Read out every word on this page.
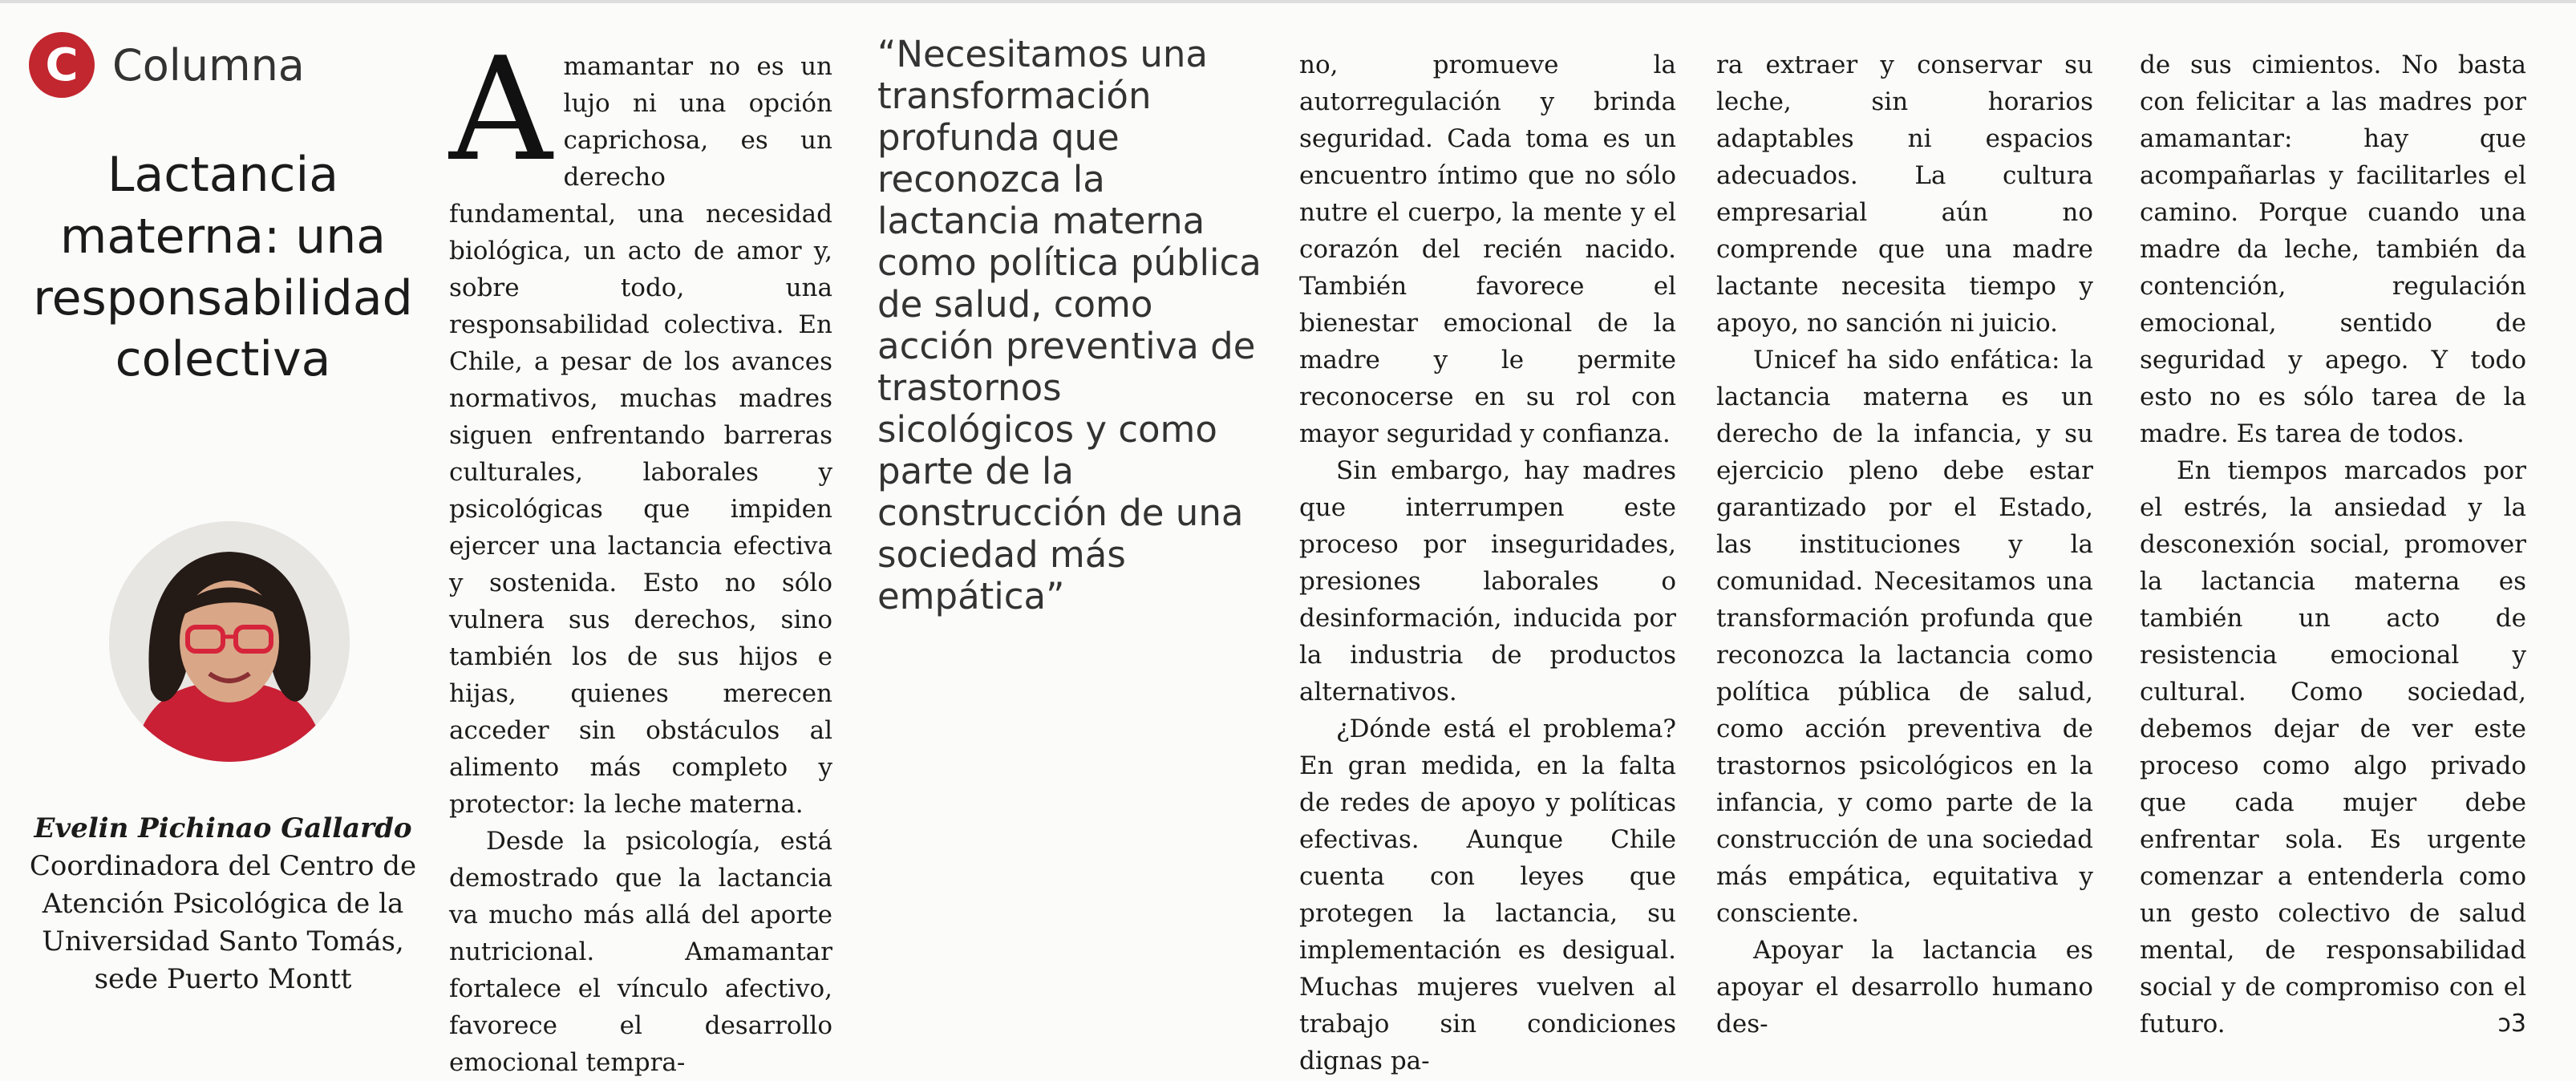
C Columna
Lactancia materna: una responsabilidad colectiva
Evelin Pichinao Gallardo
Coordinadora del Centro de
Atención Psicológica de la
Universidad Santo Tomás,
sede Puerto Montt

Amamantar no es un lujo ni una opción caprichosa, es un derecho fundamental, una necesidad biológica, un acto de amor y, sobre todo, una responsabilidad colectiva. En Chile, a pesar de los avances normativos, muchas madres siguen enfrentando barreras culturales, laborales y psicológicas que impiden ejercer una lactancia efectiva y sostenida. Esto no sólo vulnera sus derechos, sino también los de sus hijos e hijas, quienes merecen acceder sin obstáculos al alimento más completo y protector: la leche materna.

Desde la psicología, está demostrado que la lactancia va mucho más allá del aporte nutricional. Amamantar fortalece el vínculo afectivo, favorece el desarrollo emocional tempra-

“Necesitamos una transformación profunda que reconozca la lactancia materna como política pública de salud, como acción preventiva de trastornos sicológicos y como parte de la construcción de una sociedad más empática”

no, promueve la autorregulación y brinda seguridad. Cada toma es un encuentro íntimo que no sólo nutre el cuerpo, la mente y el corazón del recién nacido. También favorece el bienestar emocional de la madre y le permite reconocerse en su rol con mayor seguridad y confianza.

Sin embargo, hay madres que interrumpen este proceso por inseguridades, presiones laborales o desinformación, inducida por la industria de productos alternativos.

¿Dónde está el problema? En gran medida, en la falta de redes de apoyo y políticas efectivas. Aunque Chile cuenta con leyes que protegen la lactancia, su implementación es desigual. Muchas mujeres vuelven al trabajo sin condiciones dignas pa-

ra extraer y conservar su leche, sin horarios adaptables ni espacios adecuados. La cultura empresarial aún no comprende que una madre lactante necesita tiempo y apoyo, no sanción ni juicio.

Unicef ha sido enfática: la lactancia materna es un derecho de la infancia, y su ejercicio pleno debe estar garantizado por el Estado, las instituciones y la comunidad. Necesitamos una transformación profunda que reconozca la lactancia como política pública de salud, como acción preventiva de trastornos psicológicos en la infancia, y como parte de la construcción de una sociedad más empática, equitativa y consciente.

Apoyar la lactancia es apoyar el desarrollo humano des-

de sus cimientos. No basta con felicitar a las madres por amamantar: hay que acompañarlas y facilitarles el camino. Porque cuando una madre da leche, también da contención, regulación emocional, sentido de seguridad y apego. Y todo esto no es sólo tarea de la madre. Es tarea de todos.

En tiempos marcados por el estrés, la ansiedad y la desconexión social, promover la lactancia materna es también un acto de resistencia emocional y cultural. Como sociedad, debemos dejar de ver este proceso como algo privado que cada mujer debe enfrentar sola. Es urgente comenzar a entenderla como un gesto colectivo de salud mental, de responsabilidad social y de compromiso con el futuro.	ↄ3
